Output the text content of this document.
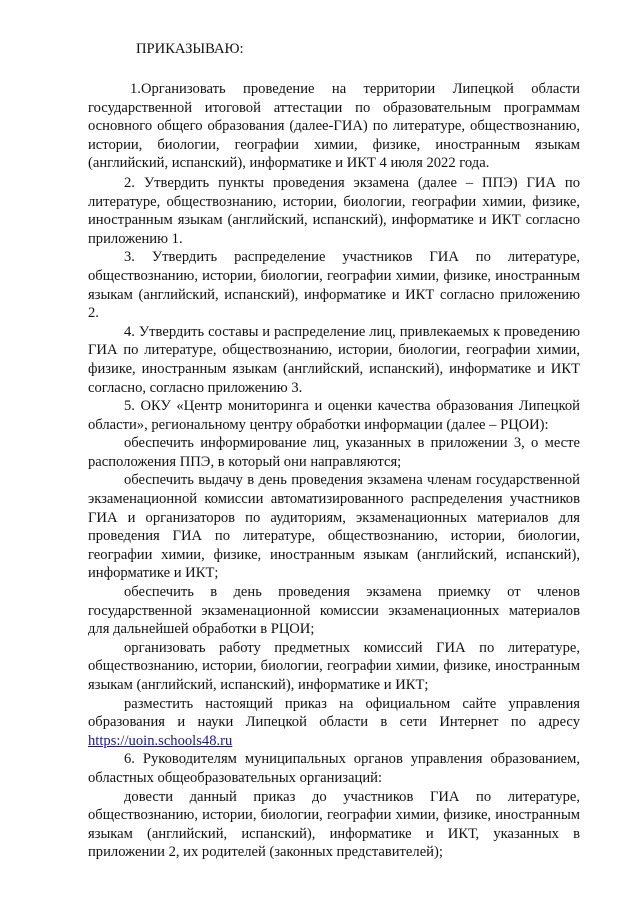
ПРИКАЗЫВАЮ:

1.Организовать проведение на территории Липецкой области государственной итоговой аттестации по образовательным программам основного общего образования (далее-ГИА) по литературе, обществознанию, истории, биологии, географии химии, физике, иностранным языкам (английский, испанский), информатике и ИКТ 4 июля 2022 года.

2. Утвердить пункты проведения экзамена (далее – ППЭ) ГИА по литературе, обществознанию, истории, биологии, географии химии, физике, иностранным языкам (английский, испанский), информатике и ИКТ согласно приложению 1.

3. Утвердить распределение участников ГИА по литературе, обществознанию, истории, биологии, географии химии, физике, иностранным языкам (английский, испанский), информатике и ИКТ согласно приложению 2.

4. Утвердить составы и распределение лиц, привлекаемых к проведению ГИА по литературе, обществознанию, истории, биологии, географии химии, физике, иностранным языкам (английский, испанский), информатике и ИКТ согласно, согласно приложению 3.

5. ОКУ «Центр мониторинга и оценки качества образования Липецкой области», региональному центру обработки информации (далее – РЦОИ):

обеспечить информирование лиц, указанных в приложении 3, о месте расположения ППЭ, в который они направляются;

обеспечить выдачу в день проведения экзамена членам государственной экзаменационной комиссии автоматизированного распределения участников ГИА и организаторов по аудиториям, экзаменационных материалов для проведения ГИА по литературе, обществознанию, истории, биологии, географии химии, физике, иностранным языкам (английский, испанский), информатике и ИКТ;

обеспечить в день проведения экзамена приемку от членов государственной экзаменационной комиссии экзаменационных материалов для дальнейшей обработки в РЦОИ;

организовать работу предметных комиссий ГИА по литературе, обществознанию, истории, биологии, географии химии, физике, иностранным языкам (английский, испанский), информатике и ИКТ;

разместить настоящий приказ на официальном сайте управления образования и науки Липецкой области в сети Интернет по адресу https://uoin.schools48.ru

6. Руководителям муниципальных органов управления образованием, областных общеобразовательных организаций:

довести данный приказ до участников ГИА по литературе, обществознанию, истории, биологии, географии химии, физике, иностранным языкам (английский, испанский), информатике и ИКТ, указанных в приложении 2, их родителей (законных представителей);
